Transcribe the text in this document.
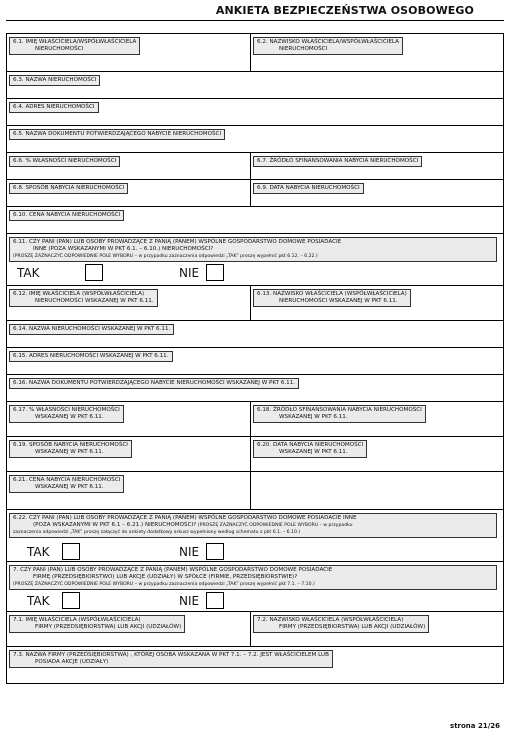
ANKIETA BEZPIECZEŃSTWA OSOBOWEGO
6.1. IMIĘ WŁAŚCICIELA/WSPÓŁWŁAŚCICIELA
NIERUCHOMOŚCI
6.2. NAZWISKO WŁAŚCICIELA/WSPÓŁWŁAŚCICIELA
NIERUCHOMOŚCI
6.3. NAZWA NIERUCHOMOŚCI
6.4. ADRES NIERUCHOMOŚCI
6.5. NAZWA DOKUMENTU POTWIERDZAJĄCEGO NABYCIE NIERUCHOMOŚCI
6.6. % WŁASNOŚCI NIERUCHOMOŚCI	6.7. ŹRÓDŁO SFINANSOWANIA NABYCIA NIERUCHOMOŚCI
6.8. SPOSÓB NABYCIA NIERUCHOMOŚCI	6.9. DATA NABYCIA NIERUCHOMOŚCI
6.10. CENA NABYCIA NIERUCHOMOŚCI
6.11. CZY PANI (PAN) LUB OSOBY PROWADZĄCE Z PANIĄ (PANEM) WSPÓLNE GOSPODARSTWO DOMOWE POSIADACIE
INNE (POZA WSKAZANYMI W PKT 6.1. – 6.10.) NIERUCHOMOŚCI?
(PROSZĘ ZAZNACZYĆ ODPOWIEDNIE POLE WYBORU – w przypadku zaznaczenia odpowiedzi „TAK” proszę wypełnić pkt 6.12. – 6.22.)
TAK	NIE
6.12. IMIĘ WŁAŚCICIELA (WSPÓŁWŁAŚCICIELA)
NIERUCHOMOŚCI WSKAZANEJ W PKT 6.11.
6.13. NAZWISKO WŁAŚCICIELA (WSPÓŁWŁAŚCICIELA)
NIERUCHOMOŚCI WSKAZANEJ W PKT 6.11.
6.14. NAZWA NIERUCHOMOŚCI WSKAZANEJ W PKT 6.11.
6.15. ADRES NIERUCHOMOŚCI WSKAZANEJ W PKT 6.11.
6.16. NAZWA DOKUMENTU POTWIERDZAJĄCEGO NABYCIE NIERUCHOMOŚCI WSKAZANEJ W PKT 6.11.
6.17. % WŁASNOŚCI NIERUCHOMOŚCI
WSKAZANEJ W PKT 6.11.
6.18. ŹRÓDŁO SFINANSOWANIA NABYCIA NIERUCHOMOŚCI
WSKAZANEJ W PKT 6.11.
6.19. SPOSÓB NABYCIA NIERUCHOMOŚCI
WSKAZANEJ W PKT 6.11.
6.20. DATA NABYCIA NIERUCHOMOŚCI
WSKAZANEJ W PKT 6.11.
6.21. CENA NABYCIA NIERUCHOMOŚCI
WSKAZANEJ W PKT 6.11.
6.22. CZY PANI (PAN) LUB OSOBY PROWADZĄCE Z PANIĄ (PANEM) WSPÓLNE GOSPODARSTWO DOMOWE POSIADACIE INNE
(POZA WSKAZANYMI W PKT 6.1 – 6.21.) NIERUCHOMOŚCI? (PROSZĘ ZAZNACZYĆ ODPOWIEDNIE POLE WYBORU – w przypadku
zaznaczenia odpowiedzi „TAK” proszę załączyć do ankiety dodatkowy arkusz wypełniony według schematu z pkt 6.1. – 6.10.)
TAK	NIE
7. CZY PANI (PAN) LUB OSOBY PROWADZĄCE Z PANIĄ (PANEM) WSPÓLNE GOSPODARSTWO DOMOWE POSIADACIE
FIRMĘ (PRZEDSIĘBIORSTWO) LUB AKCJE (UDZIAŁY) W SPÓŁCE (FIRMIE, PRZEDSIĘBIORSTWIE)?
(PROSZĘ ZAZNACZYĆ ODPOWIEDNIE POLE WYBORU – w przypadku zaznaczenia odpowiedzi „TAK” proszę wypełnić pkt 7.1. – 7.10.)
TAK	NIE
7.1. IMIĘ WŁAŚCICIELA (WSPÓŁWŁAŚCICIELA)
FIRMY (PRZEDSIĘBIORSTWA) LUB AKCJI (UDZIAŁÓW)
7.2. NAZWISKO WŁAŚCICIELA (WSPÓŁWŁAŚCICIELA)
FIRMY (PRZEDSIĘBIORSTWA) LUB AKCJI (UDZIAŁÓW)
7.3. NAZWA FIRMY (PRZEDSIĘBIORSTWA) , KTÓREJ OSOBA WSKAZANA W PKT 7.1. – 7.2. JEST WŁAŚCICIELEM LUB
POSIADA AKCJE (UDZIAŁY)
strona 21/26
